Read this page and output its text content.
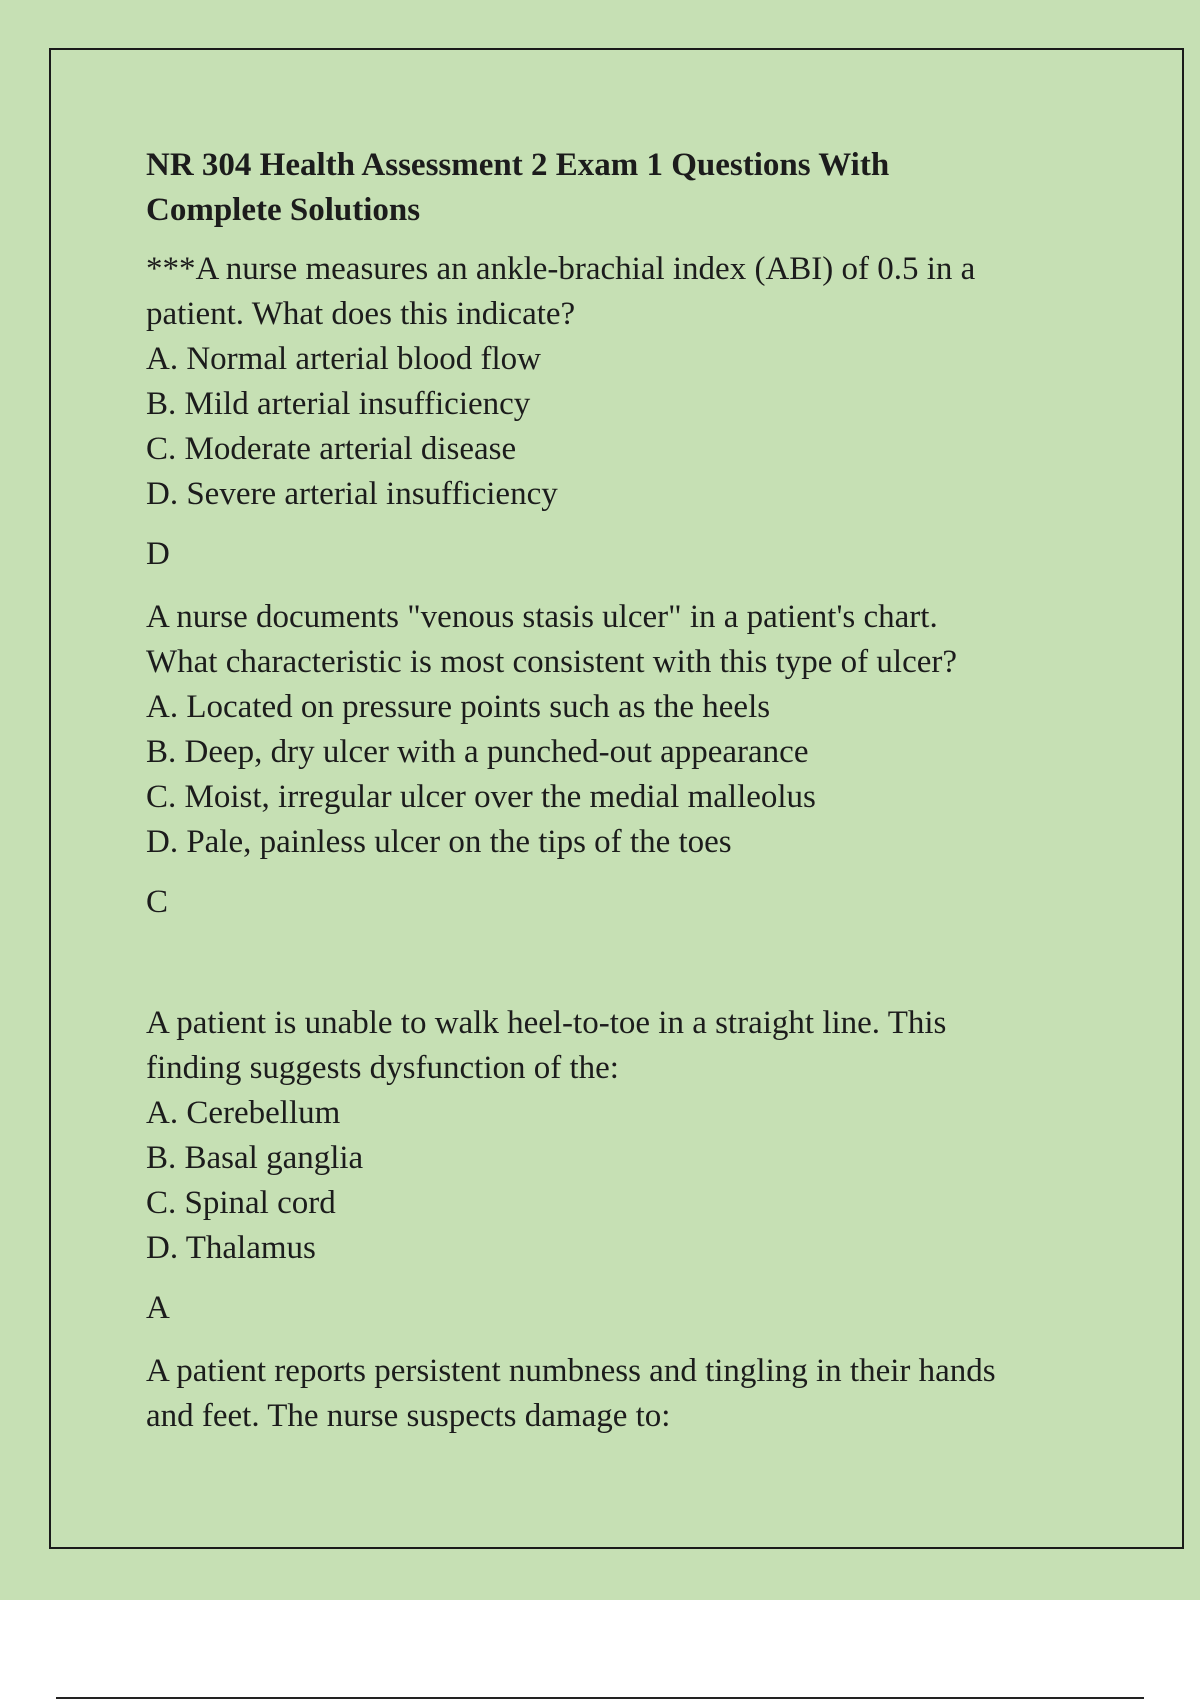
NR 304 Health Assessment 2 Exam 1 Questions With
Complete Solutions
***A nurse measures an ankle-brachial index (ABI) of 0.5 in a
patient. What does this indicate?
A. Normal arterial blood flow
B. Mild arterial insufficiency
C. Moderate arterial disease
D. Severe arterial insufficiency
D
A nurse documents "venous stasis ulcer" in a patient's chart.
What characteristic is most consistent with this type of ulcer?
A. Located on pressure points such as the heels
B. Deep, dry ulcer with a punched-out appearance
C. Moist, irregular ulcer over the medial malleolus
D. Pale, painless ulcer on the tips of the toes
C
A patient is unable to walk heel-to-toe in a straight line. This
finding suggests dysfunction of the:
A. Cerebellum
B. Basal ganglia
C. Spinal cord
D. Thalamus
A
A patient reports persistent numbness and tingling in their hands
and feet. The nurse suspects damage to:
